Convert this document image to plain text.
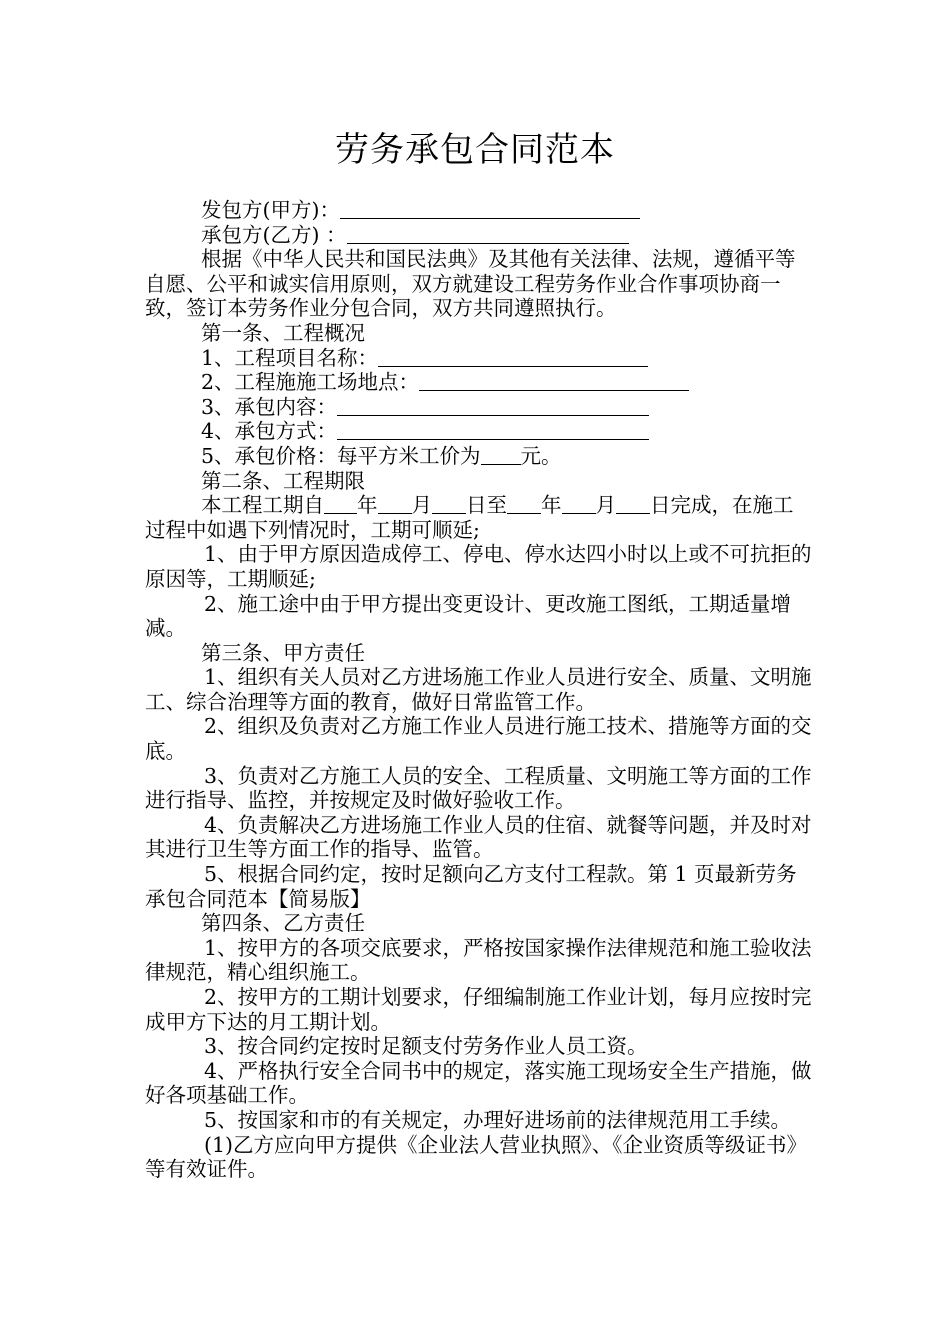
劳务承包合同范本

发包方(甲方)：

承包方(乙方) ：

根据《中华人民共和国民法典》及其他有关法律、法规，遵循平等自愿、公平和诚实信用原则，双方就建设工程劳务作业合作事项协商一致，签订本劳务作业分包合同，双方共同遵照执行。

第一条、工程概况

1、工程项目名称：

2、工程施施工场地点：

3、承包内容：

4、承包方式：

5、承包价格：每平方米工价为 元。

第二条、工程期限

本工程工期自 年 月 日至 年 月 日完成，在施工过程中如遇下列情况时，工期可顺延;

1、由于甲方原因造成停工、停电、停水达四小时以上或不可抗拒的原因等，工期顺延;

2、施工途中由于甲方提出变更设计、更改施工图纸，工期适量增减。

第三条、甲方责任

1、组织有关人员对乙方进场施工作业人员进行安全、质量、文明施工、综合治理等方面的教育，做好日常监管工作。

2、组织及负责对乙方施工作业人员进行施工技术、措施等方面的交底。

3、负责对乙方施工人员的安全、工程质量、文明施工等方面的工作进行指导、监控，并按规定及时做好验收工作。

4、负责解决乙方进场施工作业人员的住宿、就餐等问题，并及时对其进行卫生等方面工作的指导、监管。

5、根据合同约定，按时足额向乙方支付工程款。第 1 页最新劳务承包合同范本【简易版】

第四条、乙方责任

1、按甲方的各项交底要求，严格按国家操作法律规范和施工验收法律规范，精心组织施工。

2、按甲方的工期计划要求，仔细编制施工作业计划，每月应按时完成甲方下达的月工期计划。

3、按合同约定按时足额支付劳务作业人员工资。

4、严格执行安全合同书中的规定，落实施工现场安全生产措施，做好各项基础工作。

5、按国家和市的有关规定，办理好进场前的法律规范用工手续。

(1)乙方应向甲方提供《企业法人营业执照》、《企业资质等级证书》等有效证件。
